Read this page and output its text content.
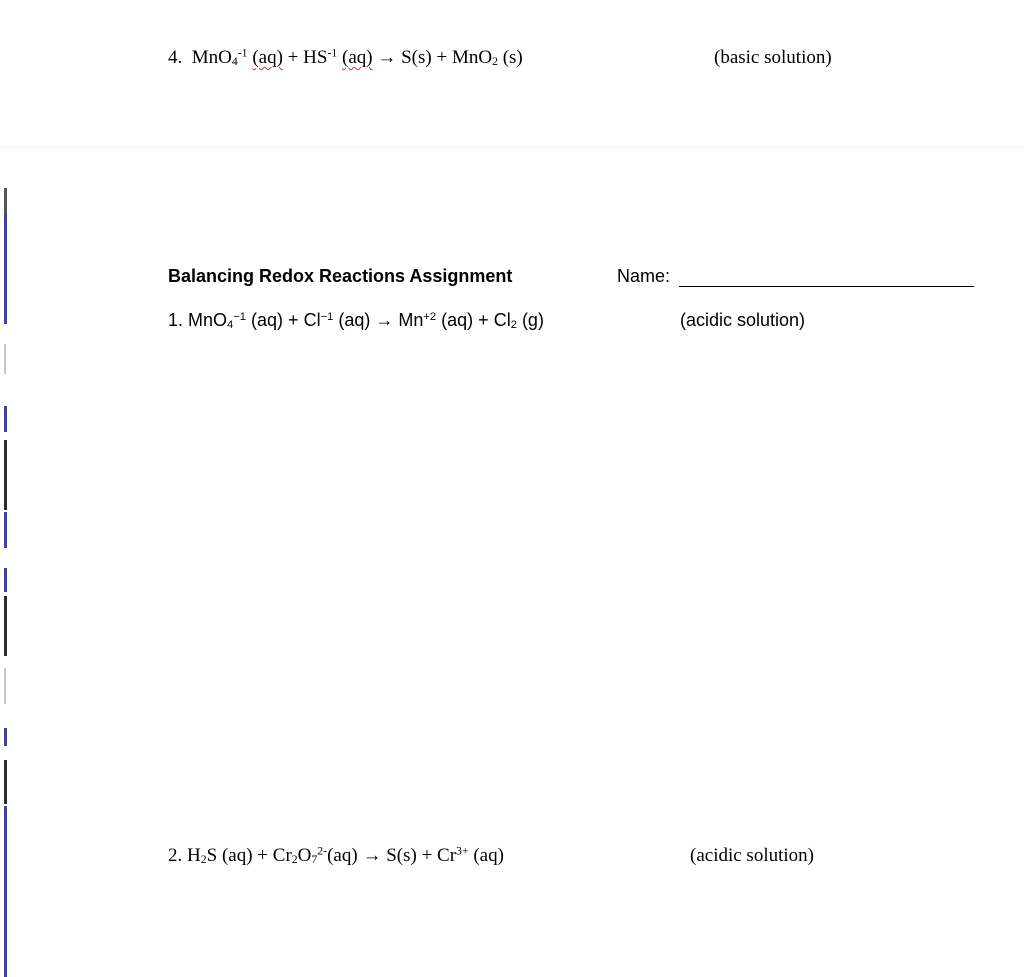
4. MnO$_4^{-1}$ $(aq) + HS^{-1}$ (aq) → S(s) + MnO$_2$ (s)	(basic solution)
Balancing Redox Reactions Assignment	Name:
1. MnO$_4^{-1}$ $(aq) + Cl^{-1}$ $(aq) \to Mn^{+2}$ $(aq) + Cl_2$ (g)	(acidic solution)
2. $H_2S$ $(aq) + Cr_2O_7^{2-}(aq) \to S(s) + Cr^{3+}$ (aq)	(acidic solution)
